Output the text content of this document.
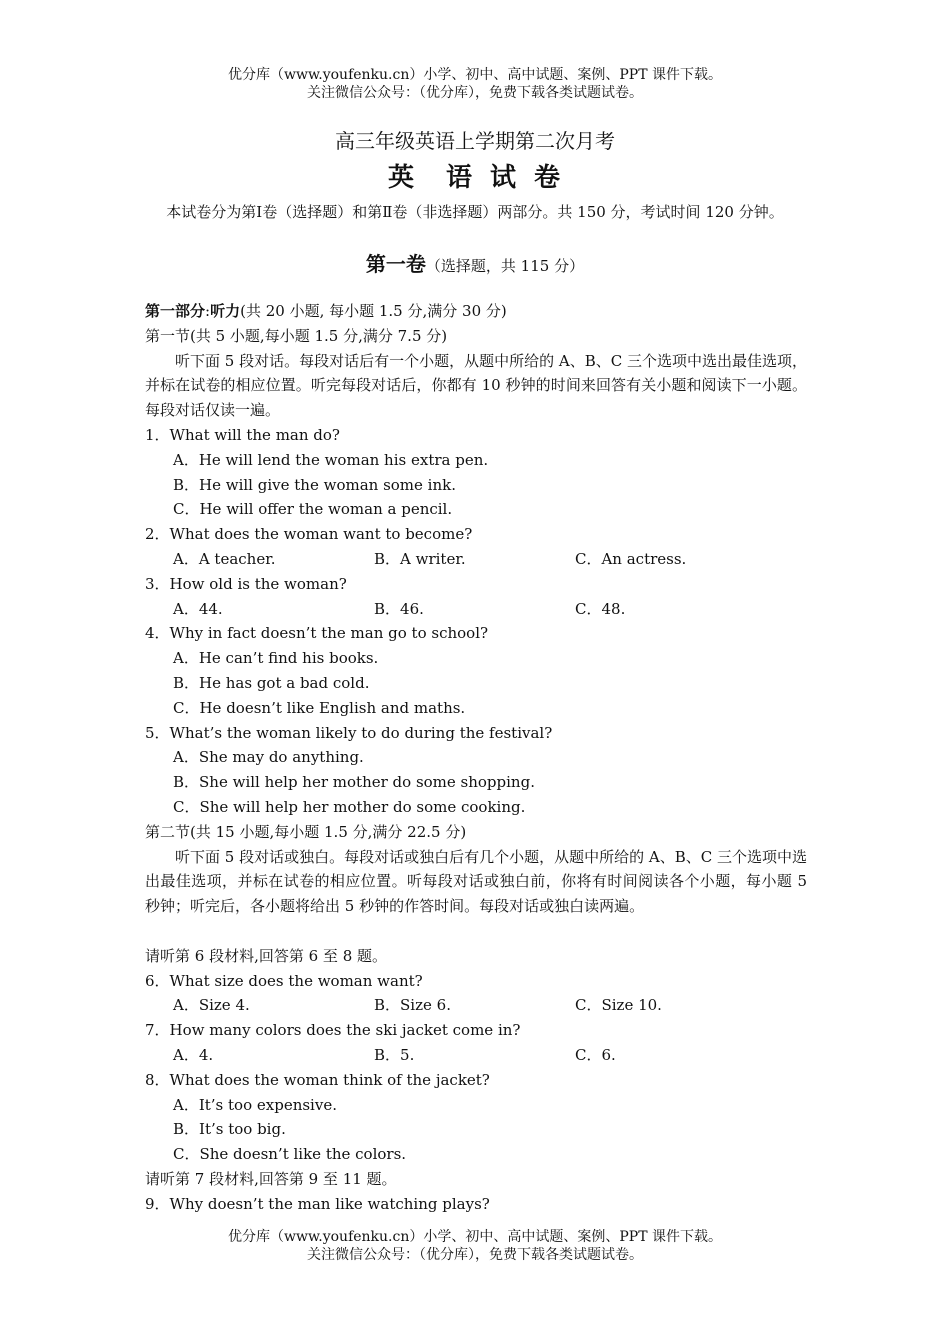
优分库（www.youfenku.cn）小学、初中、高中试题、案例、PPT 课件下载。
关注微信公众号：（优分库），免费下载各类试题试卷。
高三年级英语上学期第二次月考
英 语 试 卷
本试卷分为第Ⅰ卷（选择题）和第Ⅱ卷（非选择题）两部分。共 150 分，考试时间 120 分钟。
第一卷（选择题，共 115 分）
第一部分:听力(共 20 小题, 每小题 1.5 分,满分 30 分)
第一节(共 5 小题,每小题 1.5 分,满分 7.5 分)
听下面 5 段对话。每段对话后有一个小题，从题中所给的 A、B、C 三个选项中选出最佳选项，并标在试卷的相应位置。听完每段对话后，你都有 10 秒钟的时间来回答有关小题和阅读下一小题。每段对话仅读一遍。
1．What will the man do?
A．He will lend the woman his extra pen.
B．He will give the woman some ink.
C．He will offer the woman a pencil.
2．What does the woman want to become?
A．A teacher.	B．A writer.	C．An actress.
3．How old is the woman?
A．44.	B．46.	C．48.
4．Why in fact doesn’t the man go to school?
A．He can’t find his books.
B．He has got a bad cold.
C．He doesn’t like English and maths.
5．What’s the woman likely to do during the festival?
A．She may do anything.
B．She will help her mother do some shopping.
C．She will help her mother do some cooking.
第二节(共 15 小题,每小题 1.5 分,满分 22.5 分)
听下面 5 段对话或独白。每段对话或独白后有几个小题，从题中所给的 A、B、C 三个选项中选出最佳选项，并标在试卷的相应位置。听每段对话或独白前，你将有时间阅读各个小题，每小题 5 秒钟；听完后，各小题将给出 5 秒钟的作答时间。每段对话或独白读两遍。
请听第 6 段材料,回答第 6 至 8 题。
6．What size does the woman want?
A．Size 4.	B．Size 6.	C．Size 10.
7．How many colors does the ski jacket come in?
A．4.	B．5.	C．6.
8．What does the woman think of the jacket?
A．It’s too expensive.
B．It’s too big.
C．She doesn’t like the colors.
请听第 7 段材料,回答第 9 至 11 题。
9．Why doesn’t the man like watching plays?
优分库（www.youfenku.cn）小学、初中、高中试题、案例、PPT 课件下载。
关注微信公众号：（优分库），免费下载各类试题试卷。
